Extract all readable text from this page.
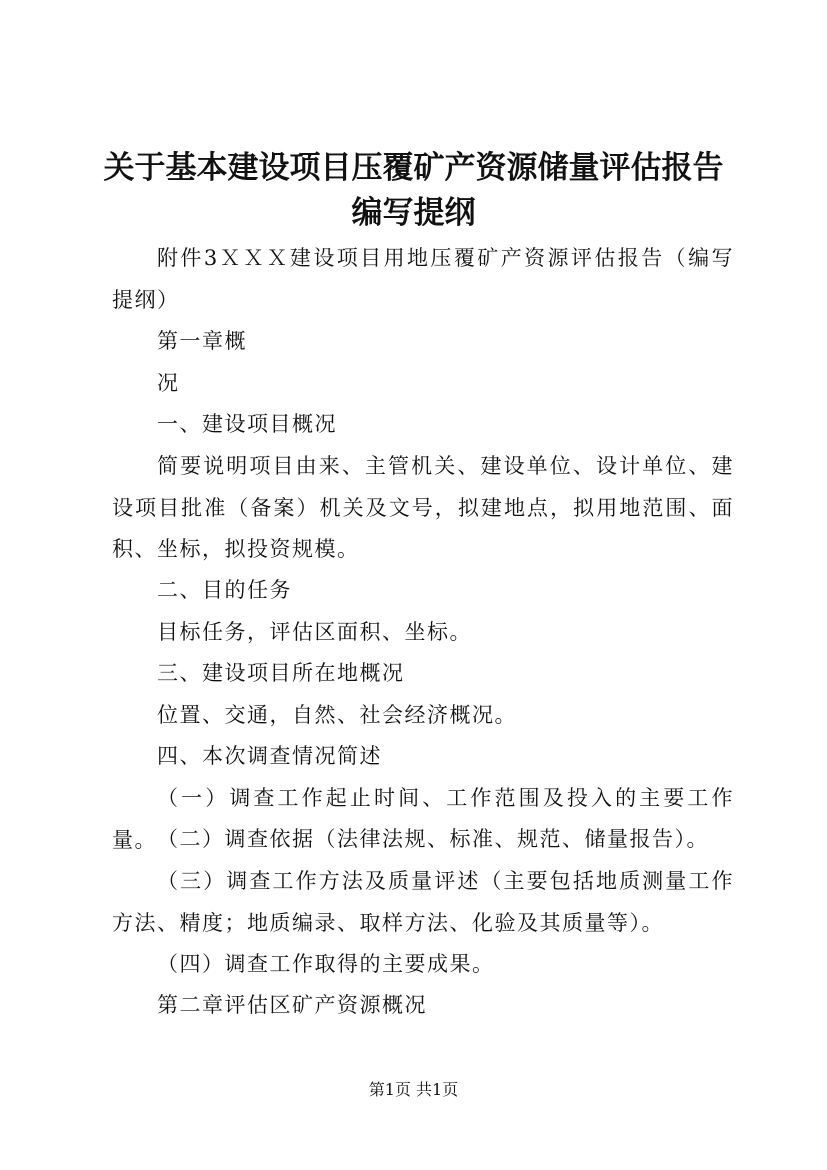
关于基本建设项目压覆矿产资源储量评估报告
编写提纲

附件3ＸＸＸ建设项目用地压覆矿产资源评估报告（编写提纲）

第一章概

况

一、建设项目概况

简要说明项目由来、主管机关、建设单位、设计单位、建设项目批准（备案）机关及文号，拟建地点，拟用地范围、面积、坐标，拟投资规模。

二、目的任务

目标任务，评估区面积、坐标。

三、建设项目所在地概况

位置、交通，自然、社会经济概况。

四、本次调查情况简述

（一）调查工作起止时间、工作范围及投入的主要工作量。 （二）调查依据（法律法规、标准、规范、储量报告）。

（三）调查工作方法及质量评述（主要包括地质测量工作方法、精度；地质编录、取样方法、化验及其质量等）。

（四）调查工作取得的主要成果。

第二章评估区矿产资源概况

第1页 共1页
